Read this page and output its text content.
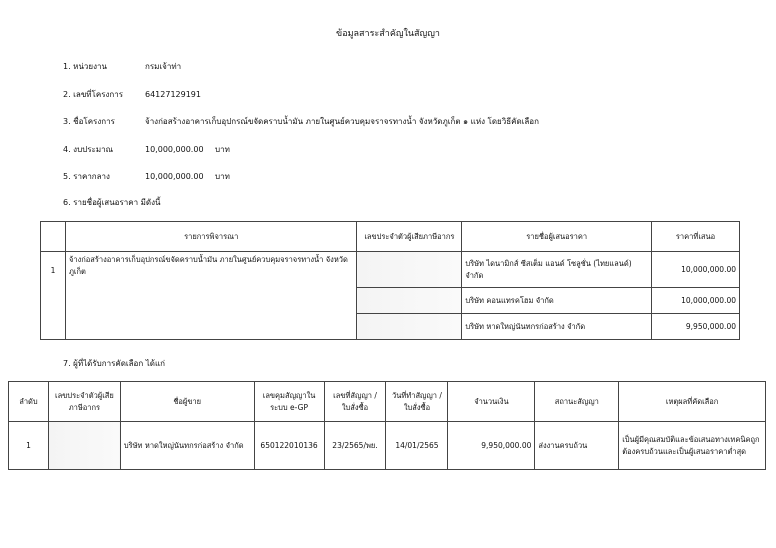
ข้อมูลสาระสำคัญในสัญญา
1. หน่วยงาน	กรมเจ้าท่า
2. เลขที่โครงการ	64127129191
3. ชื่อโครงการ	จ้างก่อสร้างอาคารเก็บอุปกรณ์ขจัดคราบน้ำมัน ภายในศูนย์ควบคุมจราจรทางน้ำ จังหวัดภูเก็ต ๑ แห่ง โดยวิธีคัดเลือก
4. งบประมาณ	10,000,000.00 บาท
5. ราคากลาง	10,000,000.00 บาท
6. รายชื่อผู้เสนอราคา มีดังนี้
	รายการพิจารณา	เลขประจำตัวผู้เสียภาษีอากร	รายชื่อผู้เสนอราคา	ราคาที่เสนอ
1	จ้างก่อสร้างอาคารเก็บอุปกรณ์ขจัดคราบน้ำมัน ภายในศูนย์ควบคุมจราจรทางน้ำ จังหวัดภูเก็ต		บริษัท ไดนามิกส์ ซีสเต็ม แอนด์ โซลูชั่น (ไทยแลนด์) จำกัด	10,000,000.00
			บริษัท คอนแทรคโฮม จำกัด	10,000,000.00
			บริษัท หาดใหญ่นันทกรก่อสร้าง จำกัด	9,950,000.00
7. ผู้ที่ได้รับการคัดเลือก ได้แก่
ลำดับ	เลขประจำตัวผู้เสียภาษีอากร	ชื่อผู้ขาย	เลขคุมสัญญาในระบบ e-GP	เลขที่สัญญา / ใบสั่งซื้อ	วันที่ทำสัญญา / ใบสั่งซื้อ	จำนวนเงิน	สถานะสัญญา	เหตุผลที่คัดเลือก
1		บริษัท หาดใหญ่นันทกรก่อสร้าง จำกัด	650122010136	23/2565/พย.	14/01/2565	9,950,000.00	ส่งงานครบถ้วน	เป็นผู้มีคุณสมบัติและข้อเสนอทางเทคนิคถูกต้องครบถ้วนและเป็นผู้เสนอราคาต่ำสุด
